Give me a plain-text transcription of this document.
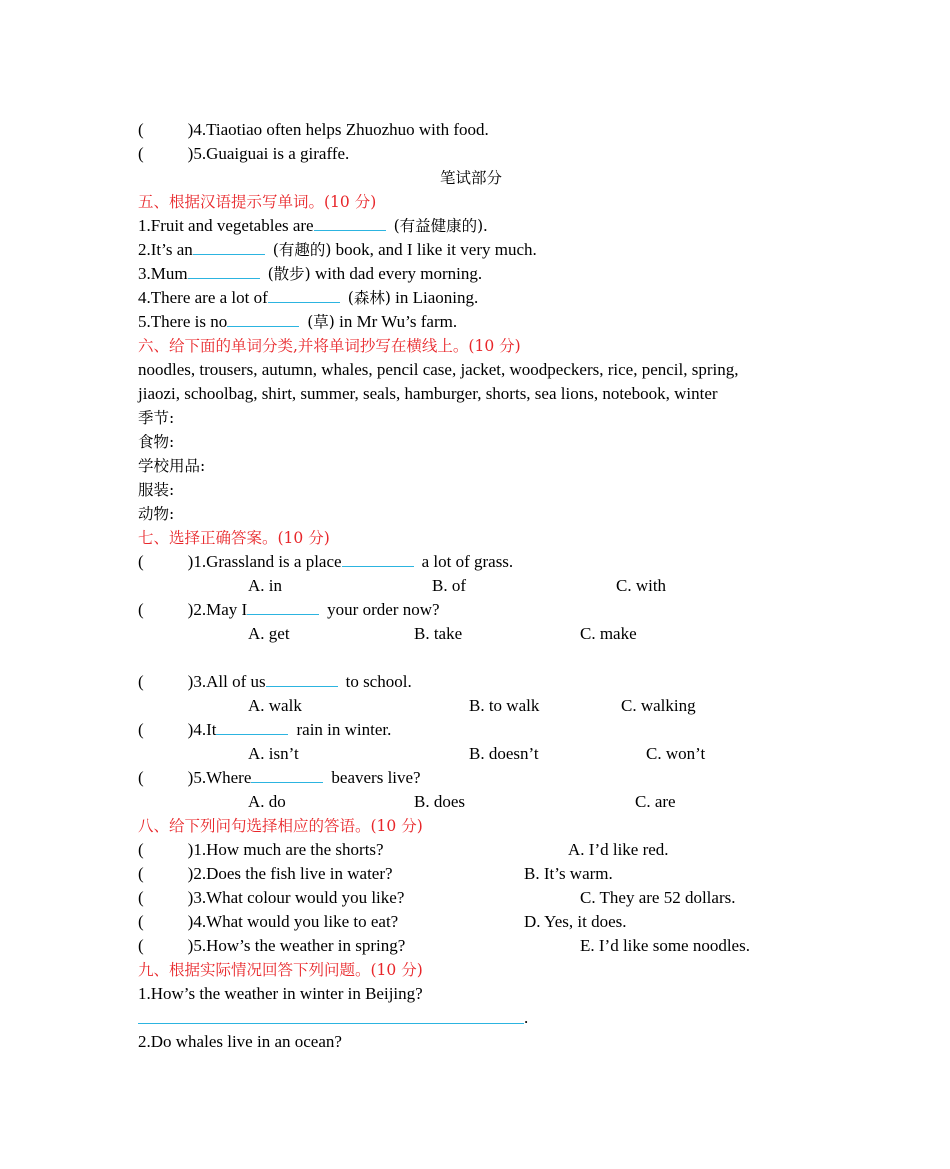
(	)4.Tiaotiao often helps Zhuozhuo with food.
(	)5.Guaiguai is a giraffe.
笔试部分
五、根据汉语提示写单词。(10 分)
1.Fruit and vegetables are	(有益健康的).
2.It’s an	(有趣的) book, and I like it very much.
3.Mum	(散步) with dad every morning.
4.There are a lot of	(森林) in Liaoning.
5.There is no	(草) in Mr Wu’s farm.
六、给下面的单词分类,并将单词抄写在横线上。(10 分)
noodles, trousers, autumn, whales, pencil case, jacket, woodpeckers, rice, pencil, spring,
jiaozi, schoolbag, shirt, summer, seals, hamburger, shorts, sea lions, notebook, winter
季节:
食物:
学校用品:
服装:
动物:
七、选择正确答案。(10 分)
(	)1.Grassland is a place	a lot of grass.
A. in	B. of	C. with
(	)2.May I	your order now?
A. get	B. take	C. make
(	)3.All of us	to school.
A. walk	B. to walk	C. walking
(	)4.It	rain in winter.
A. isn’t	B. doesn’t	C. won’t
(	)5.Where	beavers live?
A. do	B. does	C. are
八、给下列问句选择相应的答语。(10 分)
(	)1.How much are the shorts?	A. I’d like red.
(	)2.Does the fish live in water?	B. It’s warm.
(	)3.What colour would you like?	C. They are 52 dollars.
(	)4.What would you like to eat?	D. Yes, it does.
(	)5.How’s the weather in spring?	E. I’d like some noodles.
九、根据实际情况回答下列问题。(10 分)
1.How’s the weather in winter in Beijing?
.
2.Do whales live in an ocean?
